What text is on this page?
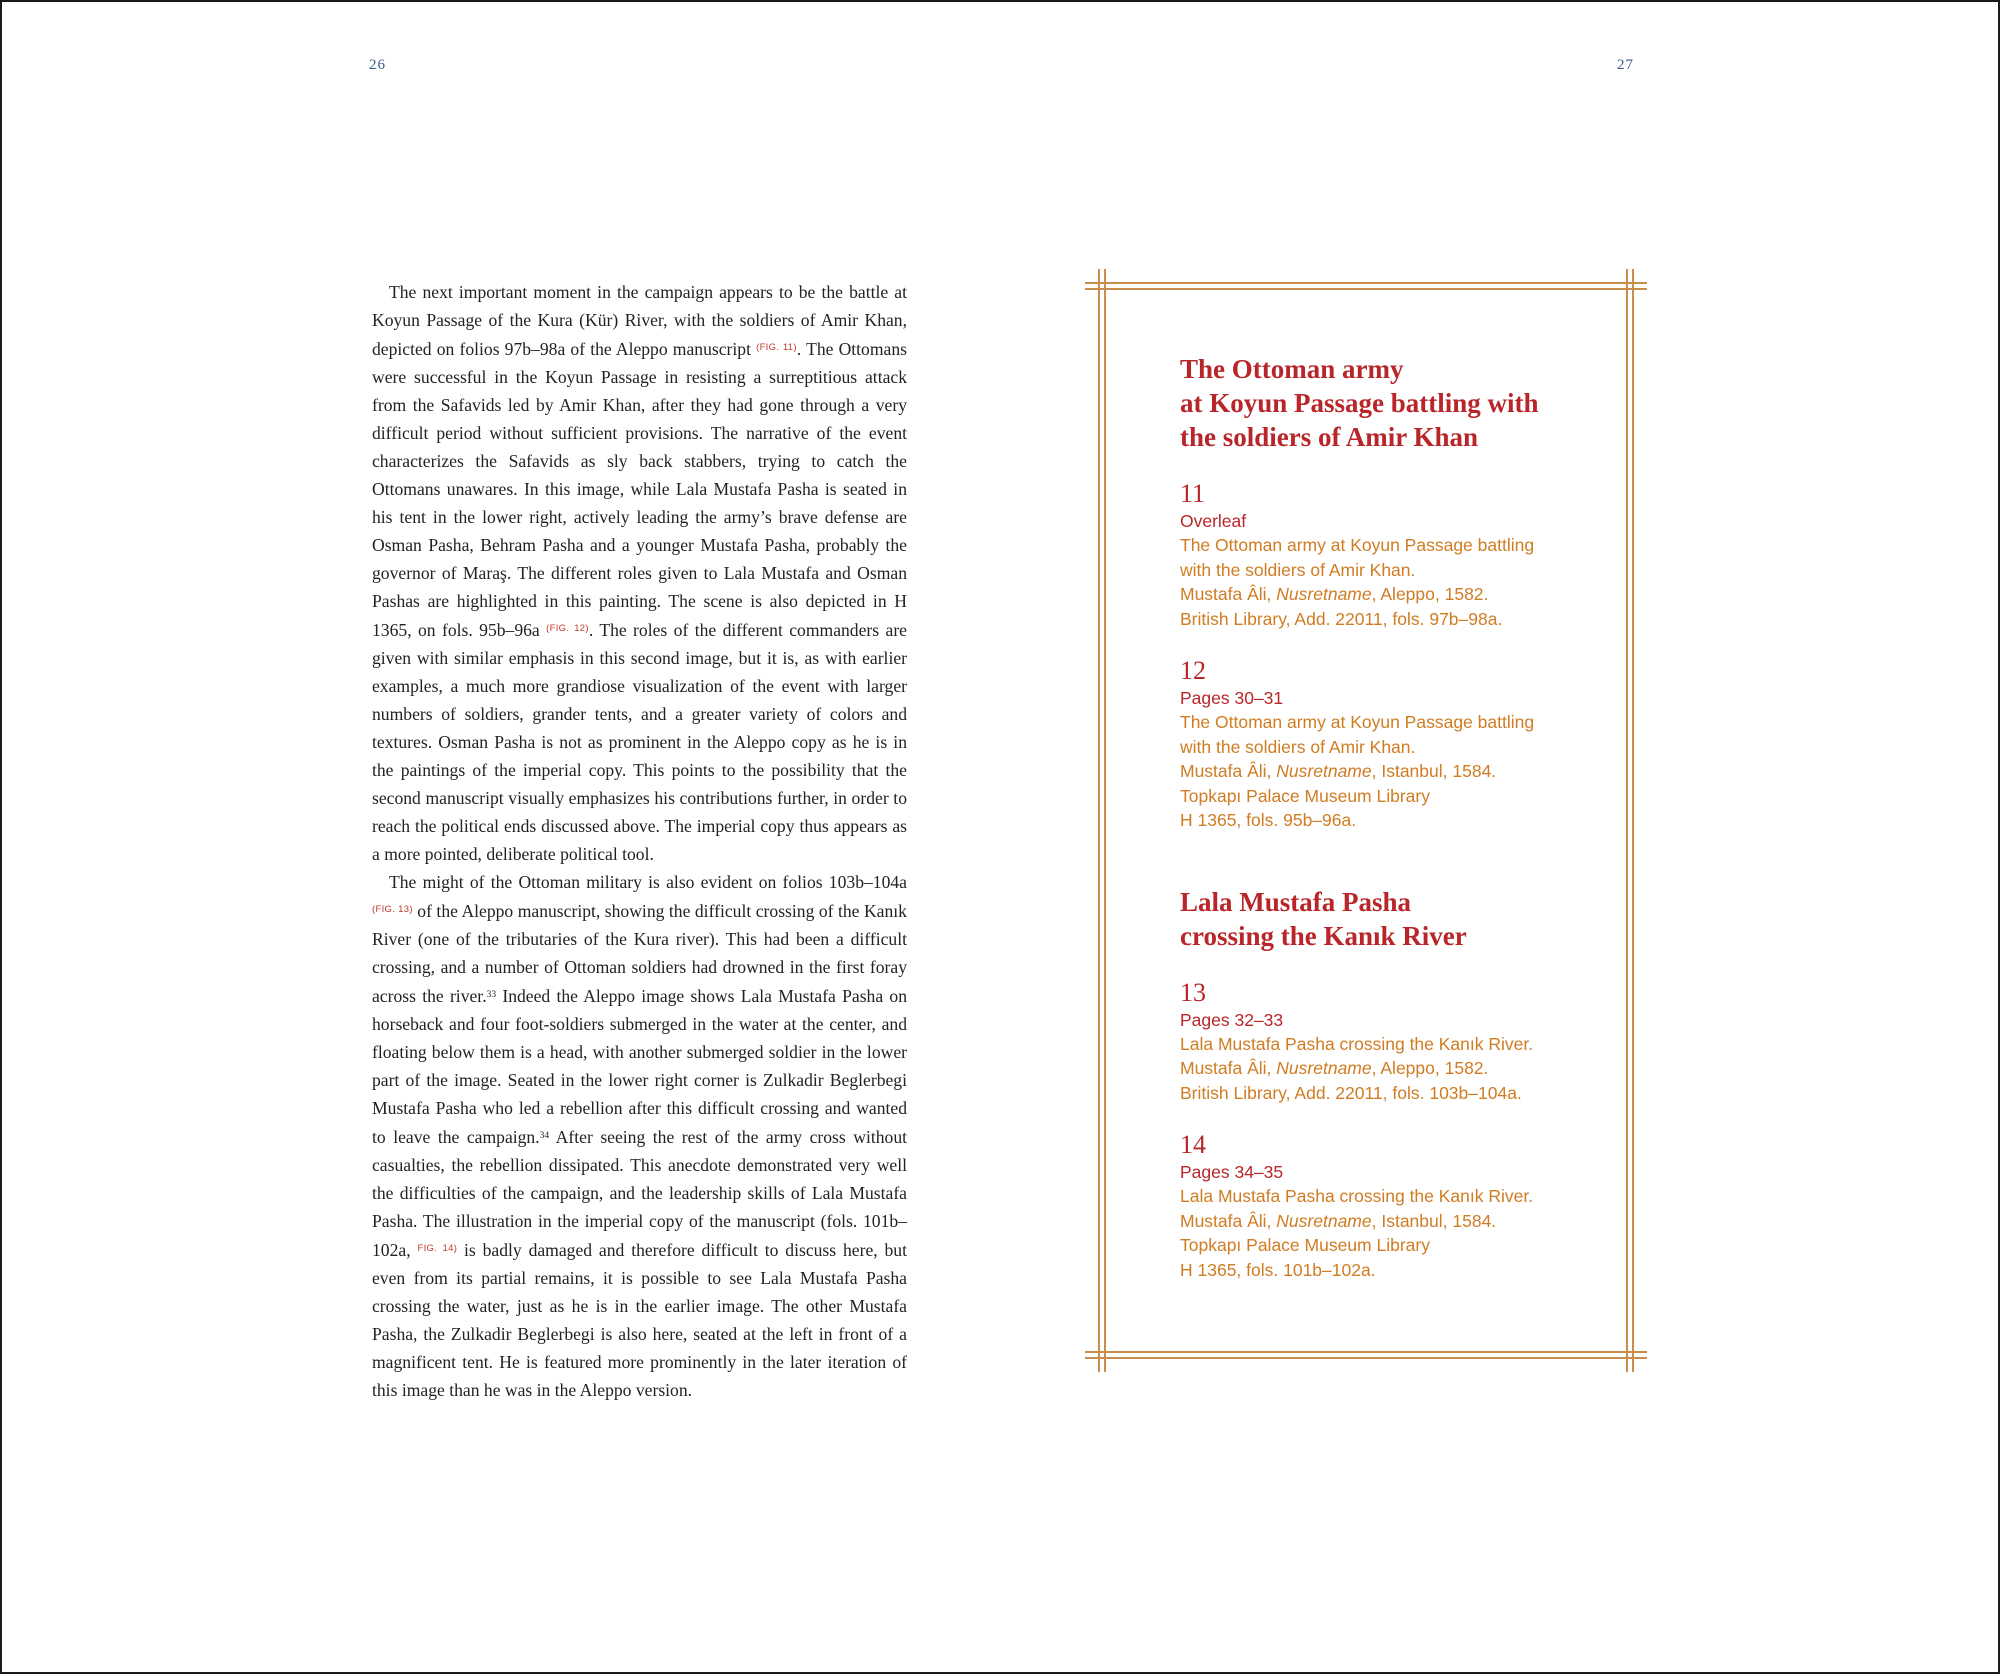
26	27

The next important moment in the campaign appears to be the battle at Koyun Passage of the Kura (Kür) River, with the soldiers of Amir Khan, depicted on folios 97b–98a of the Aleppo manuscript $^{(FIG. 11)}$. The Ottomans were successful in the Koyun Passage in resisting a surreptitious attack from the Safavids led by Amir Khan, after they had gone through a very difficult period without sufficient provisions. The narrative of the event characterizes the Safavids as sly back stabbers, trying to catch the Ottomans unawares. In this image, while Lala Mustafa Pasha is seated in his tent in the lower right, actively leading the army’s brave defense are Osman Pasha, Behram Pasha and a younger Mustafa Pasha, probably the governor of Maraş. The different roles given to Lala Mustafa and Osman Pashas are highlighted in this painting. The scene is also depicted in H 1365, on fols. 95b–96a $^{(FIG. 12)}$. The roles of the different commanders are given with similar emphasis in this second image, but it is, as with earlier examples, a much more grandiose visualization of the event with larger numbers of soldiers, grander tents, and a greater variety of colors and textures. Osman Pasha is not as prominent in the Aleppo copy as he is in the paintings of the imperial copy. This points to the possibility that the second manuscript visually emphasizes his contributions further, in order to reach the political ends discussed above. The imperial copy thus appears as a more pointed, deliberate political tool.

The might of the Ottoman military is also evident on folios 103b–104a $^{(FIG. 13)}$ of the Aleppo manuscript, showing the difficult crossing of the Kanık River (one of the tributaries of the Kura river). This had been a difficult crossing, and a number of Ottoman soldiers had drowned in the first foray across the river.$^{33}$ Indeed the Aleppo image shows Lala Mustafa Pasha on horseback and four foot-soldiers submerged in the water at the center, and floating below them is a head, with another submerged soldier in the lower part of the image. Seated in the lower right corner is Zulkadir Beglerbegi Mustafa Pasha who led a rebellion after this difficult crossing and wanted to leave the campaign.$^{34}$ After seeing the rest of the army cross without casualties, the rebellion dissipated. This anecdote demonstrated very well the difficulties of the campaign, and the leadership skills of Lala Mustafa Pasha. The illustration in the imperial copy of the manuscript (fols. 101b–102a, $^{FIG. 14)}$ is badly damaged and therefore difficult to discuss here, but even from its partial remains, it is possible to see Lala Mustafa Pasha crossing the water, just as he is in the earlier image. The other Mustafa Pasha, the Zulkadir Beglerbegi is also here, seated at the left in front of a magnificent tent. He is featured more prominently in the later iteration of this image than he was in the Aleppo version.

The Ottoman army
at Koyun Passage battling with
the soldiers of Amir Khan
11
Overleaf
The Ottoman army at Koyun Passage battling
with the soldiers of Amir Khan.
Mustafa Âli, Nusretname, Aleppo, 1582.
British Library, Add. 22011, fols. 97b–98a.
12
Pages 30–31
The Ottoman army at Koyun Passage battling
with the soldiers of Amir Khan.
Mustafa Âli, Nusretname, Istanbul, 1584.
Topkapı Palace Museum Library
H 1365, fols. 95b–96a.
Lala Mustafa Pasha
crossing the Kanık River
13
Pages 32–33
Lala Mustafa Pasha crossing the Kanık River.
Mustafa Âli, Nusretname, Aleppo, 1582.
British Library, Add. 22011, fols. 103b–104a.
14
Pages 34–35
Lala Mustafa Pasha crossing the Kanık River.
Mustafa Âli, Nusretname, Istanbul, 1584.
Topkapı Palace Museum Library
H 1365, fols. 101b–102a.
